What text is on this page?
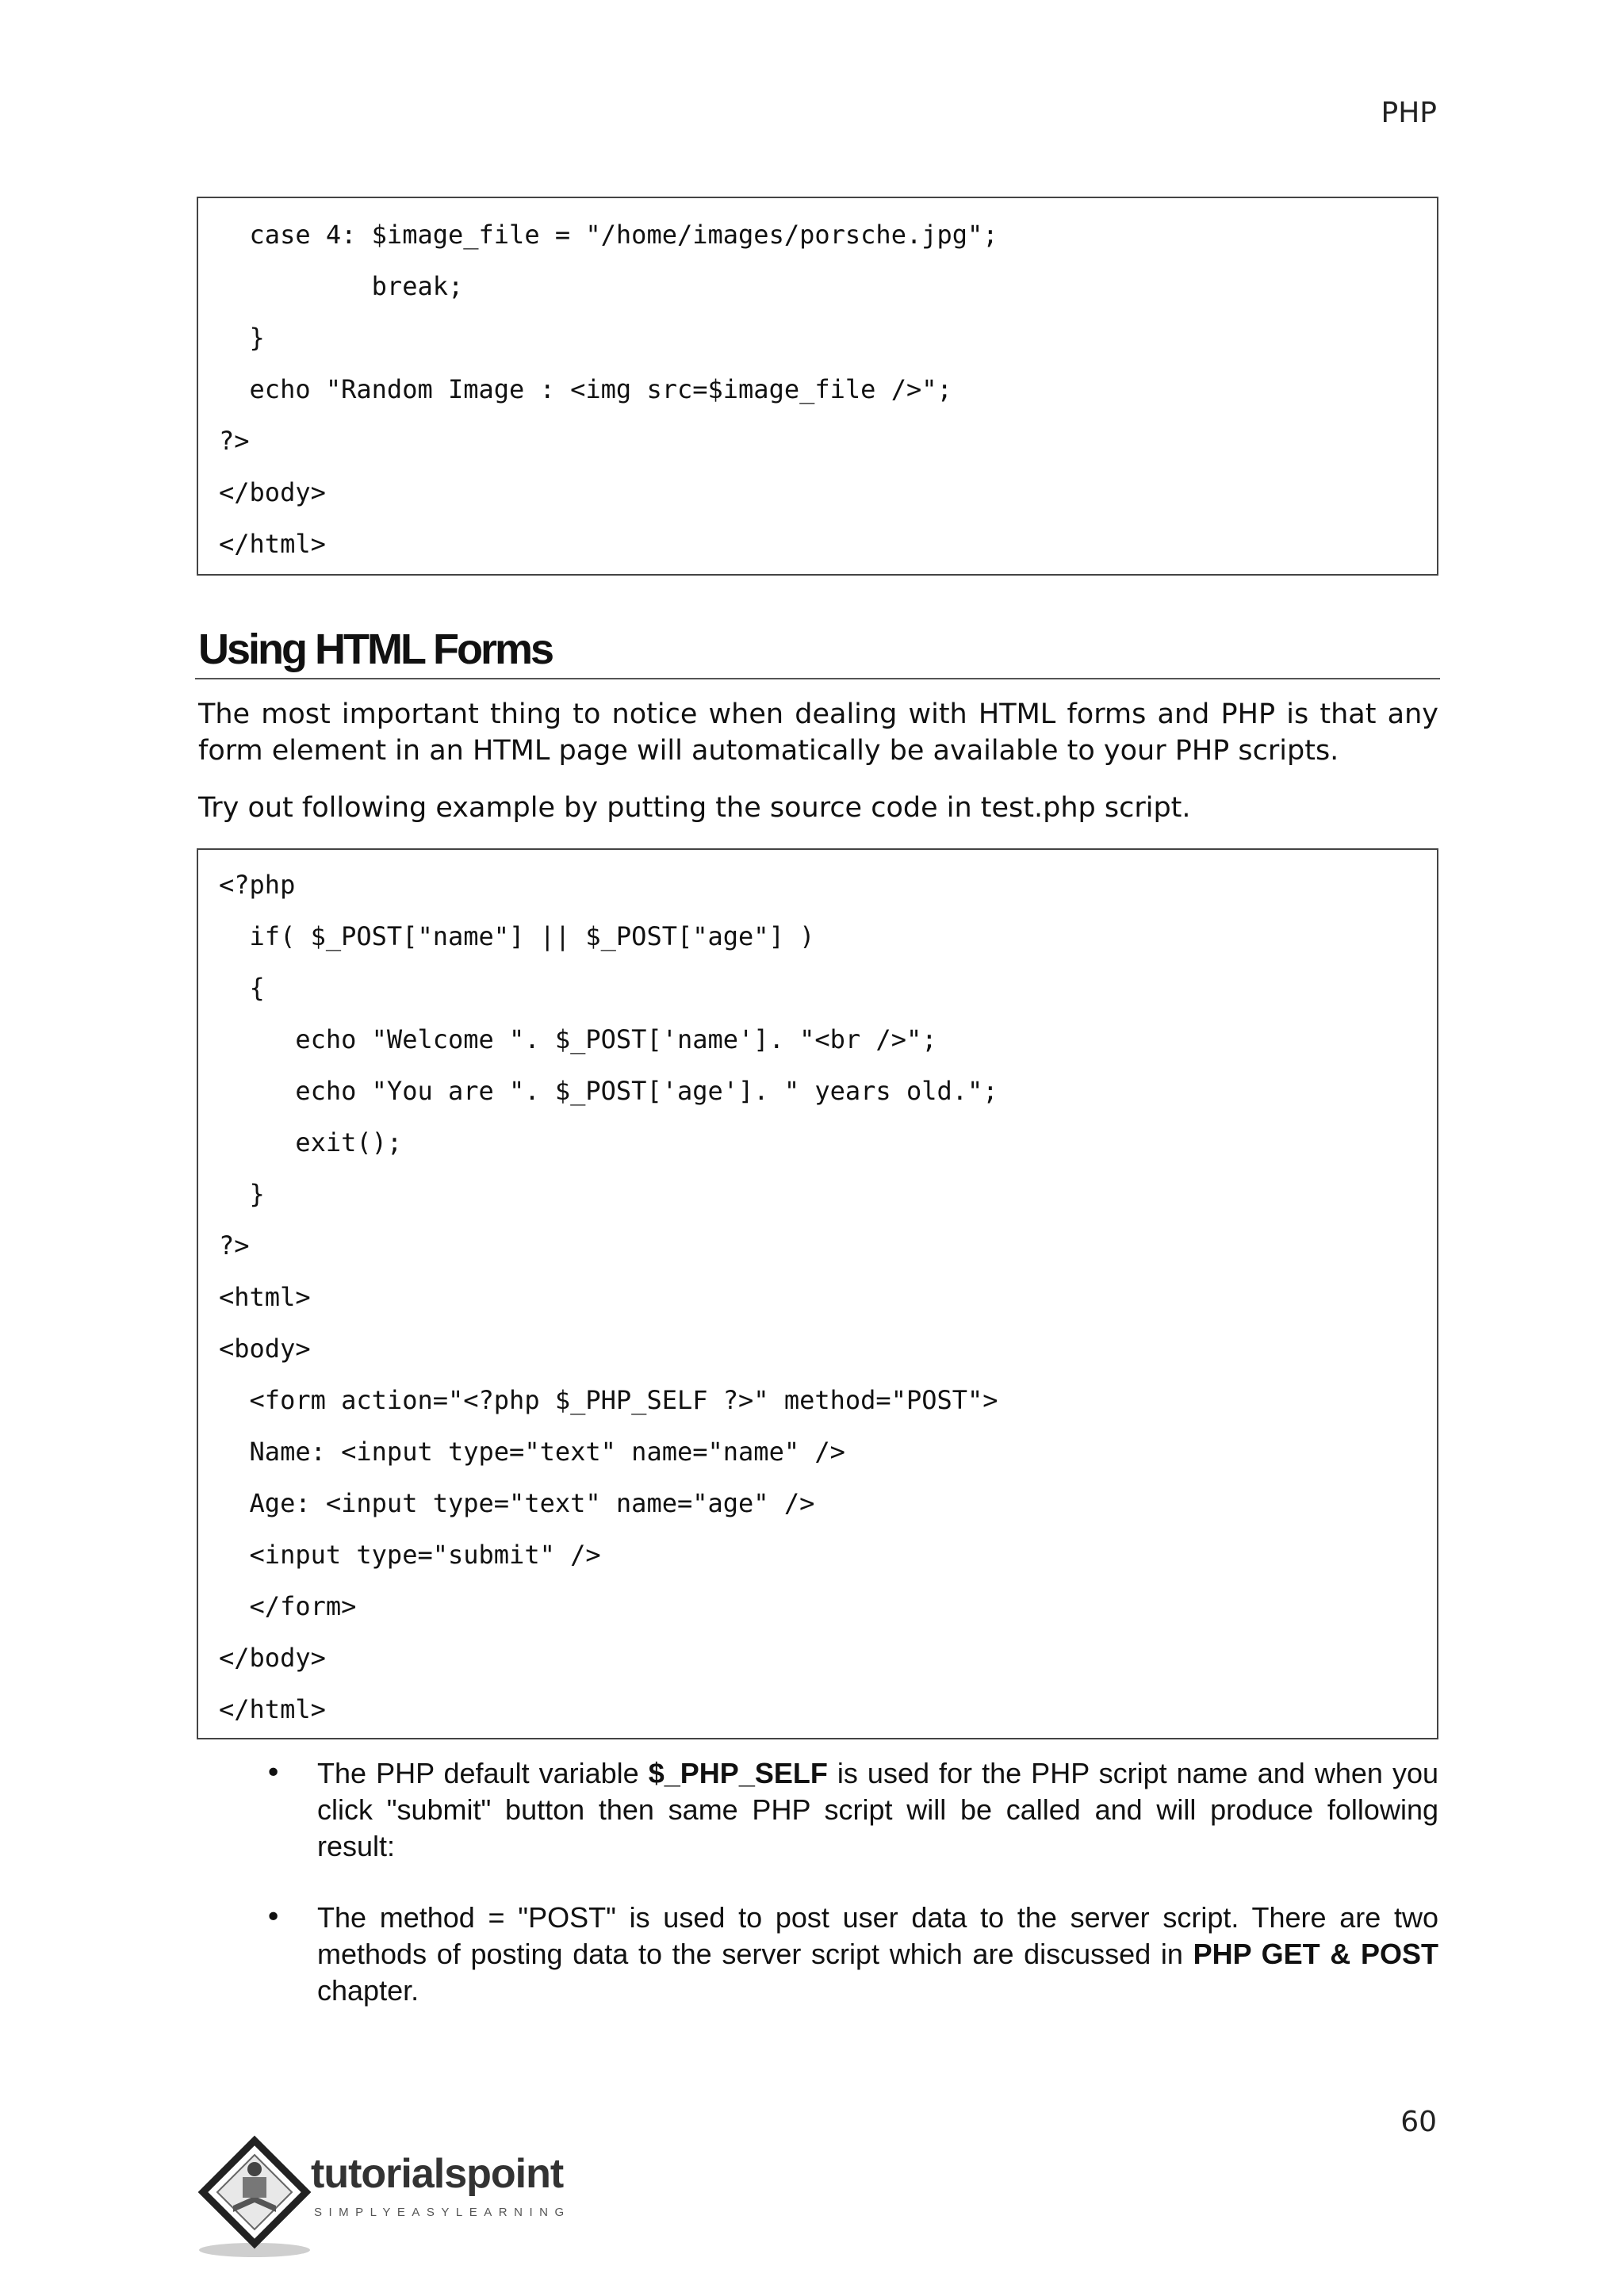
PHP
case 4: $image_file = "/home/images/porsche.jpg";
break;
}
echo "Random Image : <img src=$image_file />";
?>
</body>
</html>
Using HTML Forms
The most important thing to notice when dealing with HTML forms and PHP is that any form element in an HTML page will automatically be available to your PHP scripts.
Try out following example by putting the source code in test.php script.
<?php
if( $_POST["name"] || $_POST["age"] )
{
echo "Welcome ". $_POST['name']. "<br />";
echo "You are ". $_POST['age']. " years old.";
exit();
}
?>
<html>
<body>
<form action="<?php $_PHP_SELF ?>" method="POST">
Name: <input type="text" name="name" />
Age: <input type="text" name="age" />
<input type="submit" />
</form>
</body>
</html>
• The PHP default variable $_PHP_SELF is used for the PHP script name and when you click "submit" button then same PHP script will be called and will produce following result:
• The method = "POST" is used to post user data to the server script. There are two methods of posting data to the server script which are discussed in PHP GET & POST chapter.
60
tutorialspoint
SIMPLYEASYLEARNING
